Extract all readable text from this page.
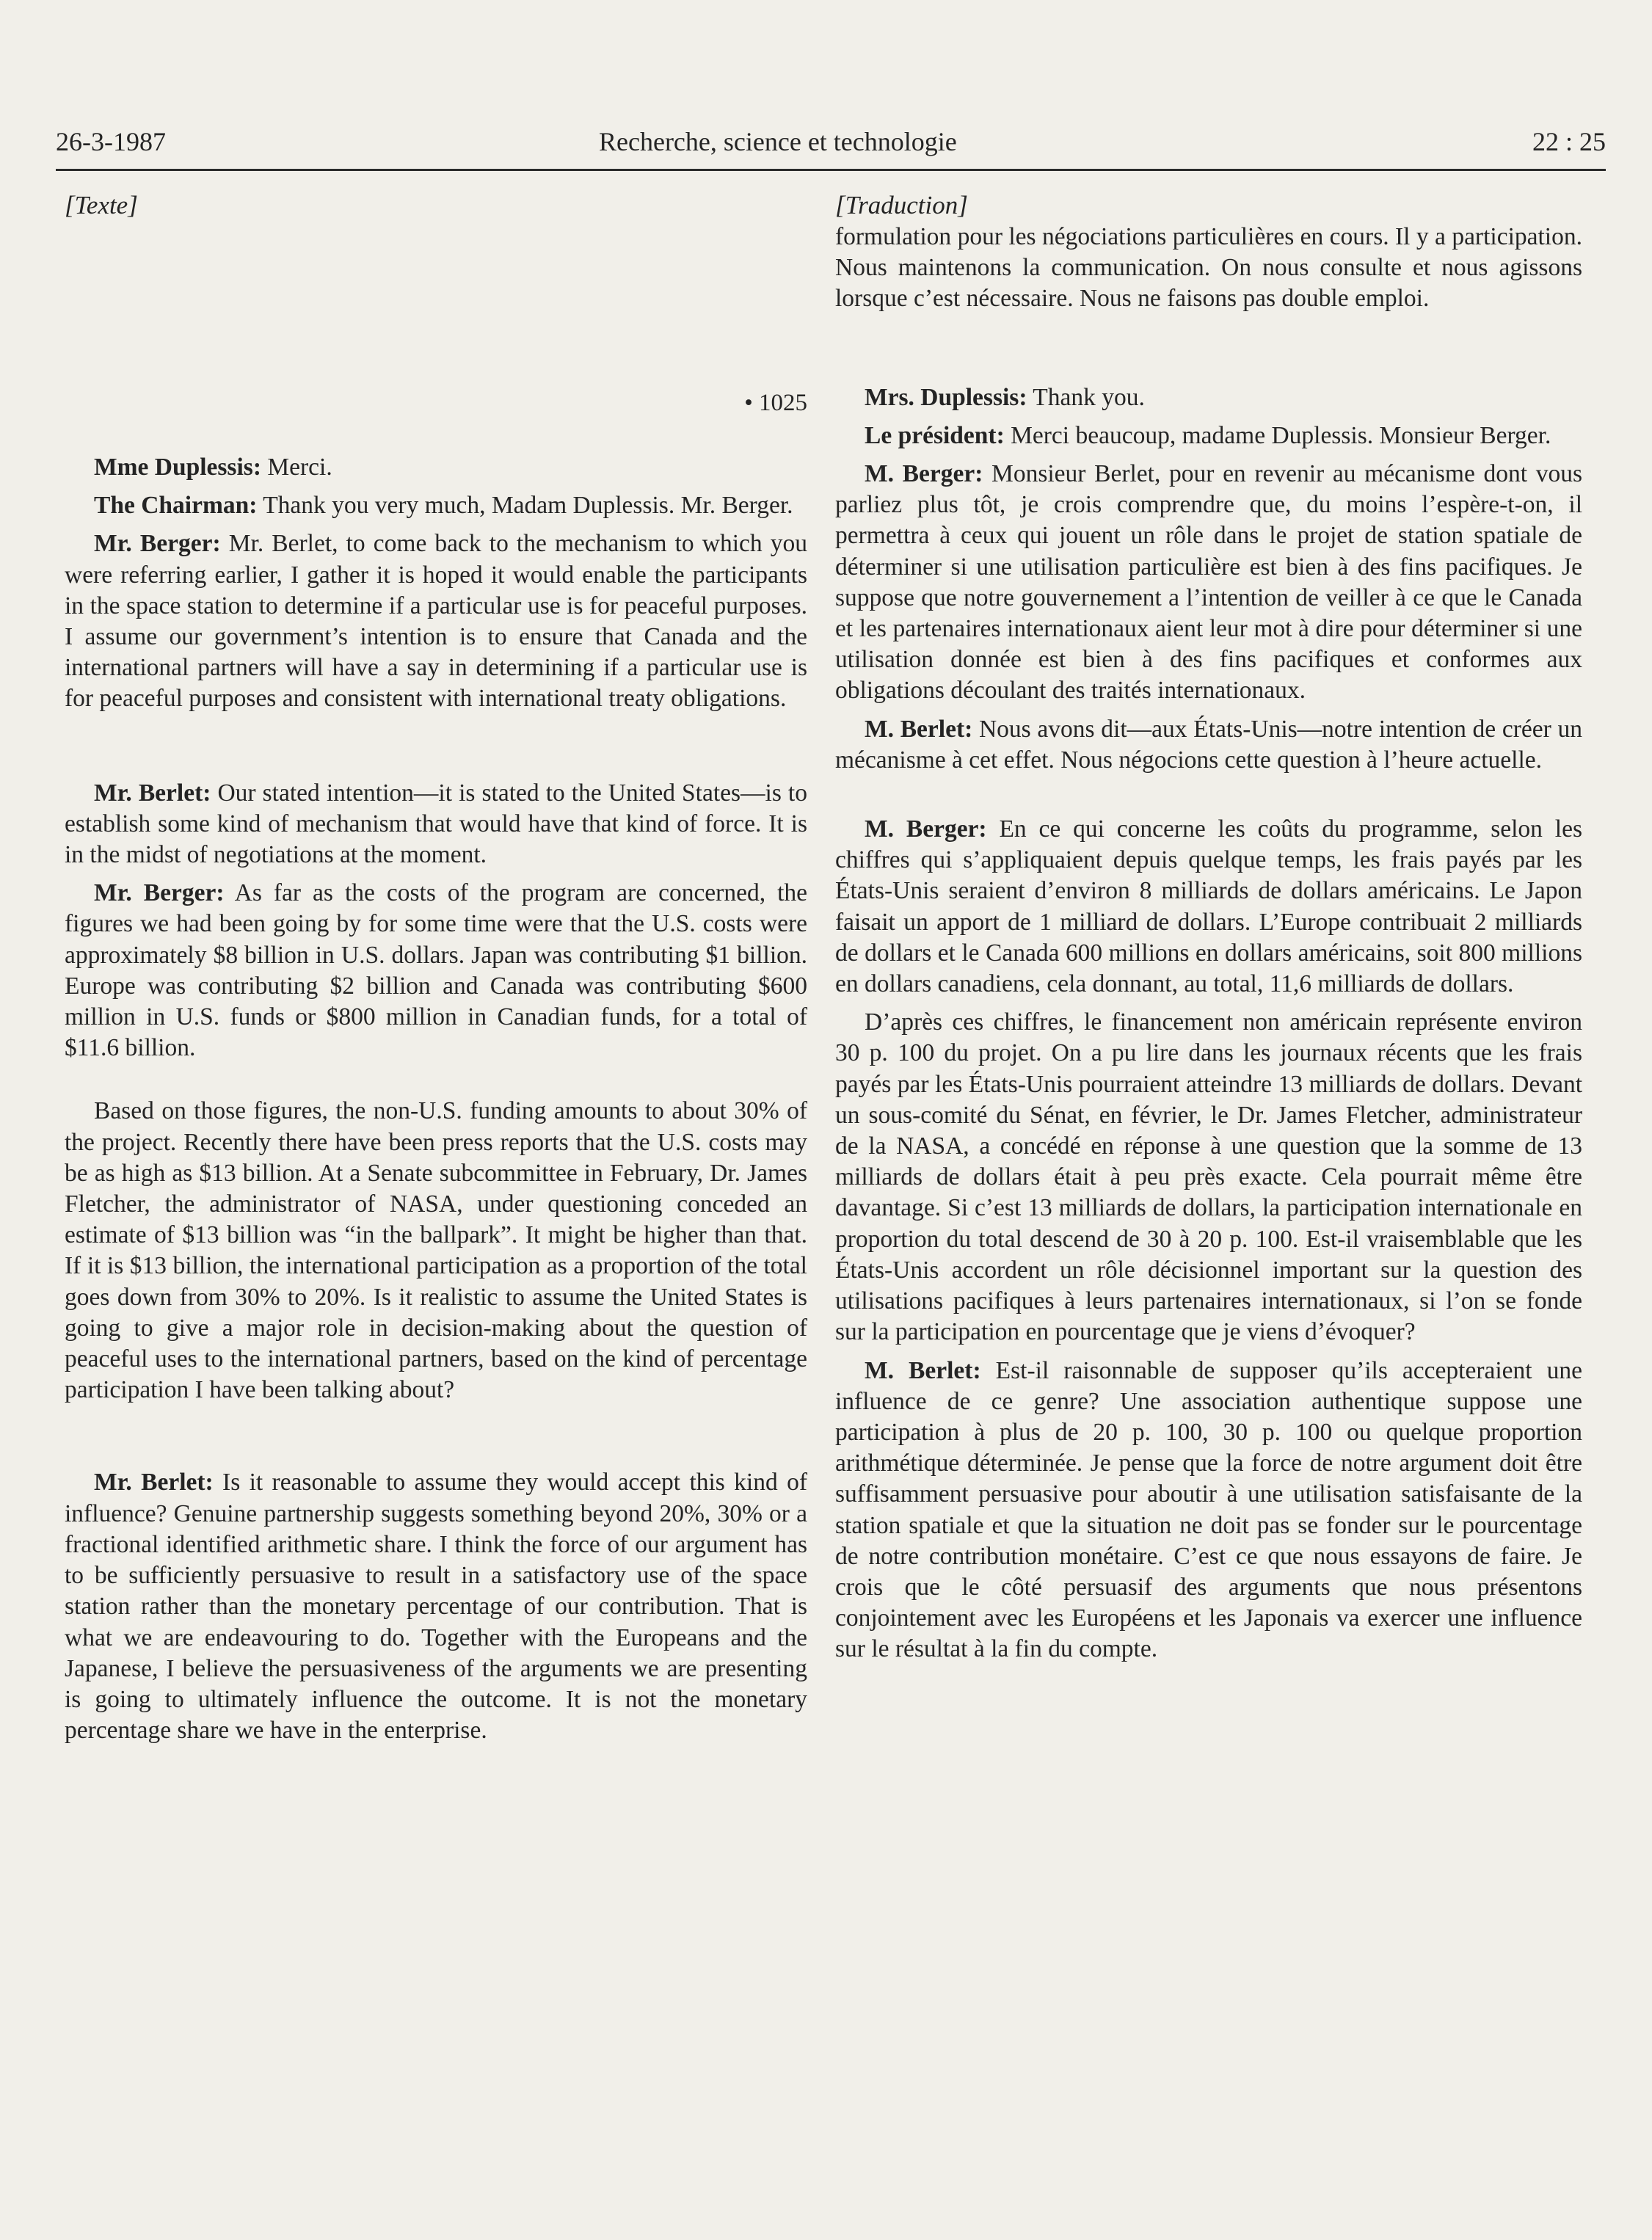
26-3-1987	Recherche, science et technologie	22 : 25

[Texte]

• 1025

Mme Duplessis: Merci.

The Chairman: Thank you very much, Madam Duplessis. Mr. Berger.

Mr. Berger: Mr. Berlet, to come back to the mechanism to which you were referring earlier, I gather it is hoped it would enable the participants in the space station to determine if a particular use is for peaceful purposes. I assume our government’s intention is to ensure that Canada and the international partners will have a say in determining if a particular use is for peaceful purposes and consistent with international treaty obligations.

Mr. Berlet: Our stated intention—it is stated to the United States—is to establish some kind of mechanism that would have that kind of force. It is in the midst of negotiations at the moment.

Mr. Berger: As far as the costs of the program are concerned, the figures we had been going by for some time were that the U.S. costs were approximately $8 billion in U.S. dollars. Japan was contributing $1 billion. Europe was contributing $2 billion and Canada was contributing $600 million in U.S. funds or $800 million in Canadian funds, for a total of $11.6 billion.

Based on those figures, the non-U.S. funding amounts to about 30% of the project. Recently there have been press reports that the U.S. costs may be as high as $13 billion. At a Senate subcommittee in February, Dr. James Fletcher, the administrator of NASA, under questioning conceded an estimate of $13 billion was “in the ballpark”. It might be higher than that. If it is $13 billion, the international participation as a proportion of the total goes down from 30% to 20%. Is it realistic to assume the United States is going to give a major role in decision-making about the question of peaceful uses to the international partners, based on the kind of percentage participation I have been talking about?

Mr. Berlet: Is it reasonable to assume they would accept this kind of influence? Genuine partnership suggests something beyond 20%, 30% or a fractional identified arithmetic share. I think the force of our argument has to be sufficiently persuasive to result in a satisfactory use of the space station rather than the monetary percentage of our contribution. That is what we are endeavouring to do. Together with the Europeans and the Japanese, I believe the persuasiveness of the arguments we are presenting is going to ultimately influence the outcome. It is not the monetary percentage share we have in the enterprise.

[Traduction]

formulation pour les négociations particulières en cours. Il y a participation. Nous maintenons la communication. On nous consulte et nous agissons lorsque c’est nécessaire. Nous ne faisons pas double emploi.

Mrs. Duplessis: Thank you.

Le président: Merci beaucoup, madame Duplessis. Monsieur Berger.

M. Berger: Monsieur Berlet, pour en revenir au mécanisme dont vous parliez plus tôt, je crois comprendre que, du moins l’espère-t-on, il permettra à ceux qui jouent un rôle dans le projet de station spatiale de déterminer si une utilisation particulière est bien à des fins pacifiques. Je suppose que notre gouvernement a l’intention de veiller à ce que le Canada et les partenaires internationaux aient leur mot à dire pour déterminer si une utilisation donnée est bien à des fins pacifiques et conformes aux obligations découlant des traités internationaux.

M. Berlet: Nous avons dit—aux États-Unis—notre intention de créer un mécanisme à cet effet. Nous négocions cette question à l’heure actuelle.

M. Berger: En ce qui concerne les coûts du programme, selon les chiffres qui s’appliquaient depuis quelque temps, les frais payés par les États-Unis seraient d’environ 8 milliards de dollars américains. Le Japon faisait un apport de 1 milliard de dollars. L’Europe contribuait 2 milliards de dollars et le Canada 600 millions en dollars américains, soit 800 millions en dollars canadiens, cela donnant, au total, 11,6 milliards de dollars.

D’après ces chiffres, le financement non américain représente environ 30 p. 100 du projet. On a pu lire dans les journaux récents que les frais payés par les États-Unis pourraient atteindre 13 milliards de dollars. Devant un sous-comité du Sénat, en février, le Dr. James Fletcher, administrateur de la NASA, a concédé en réponse à une question que la somme de 13 milliards de dollars était à peu près exacte. Cela pourrait même être davantage. Si c’est 13 milliards de dollars, la participation internationale en proportion du total descend de 30 à 20 p. 100. Est-il vraisemblable que les États-Unis accordent un rôle décisionnel important sur la question des utilisations pacifiques à leurs partenaires internationaux, si l’on se fonde sur la participation en pourcentage que je viens d’évoquer?

M. Berlet: Est-il raisonnable de supposer qu’ils accepteraient une influence de ce genre? Une association authentique suppose une participation à plus de 20 p. 100, 30 p. 100 ou quelque proportion arithmétique déterminée. Je pense que la force de notre argument doit être suffisamment persuasive pour aboutir à une utilisation satisfaisante de la station spatiale et que la situation ne doit pas se fonder sur le pourcentage de notre contribution monétaire. C’est ce que nous essayons de faire. Je crois que le côté persuasif des arguments que nous présentons conjointement avec les Européens et les Japonais va exercer une influence sur le résultat à la fin du compte.
